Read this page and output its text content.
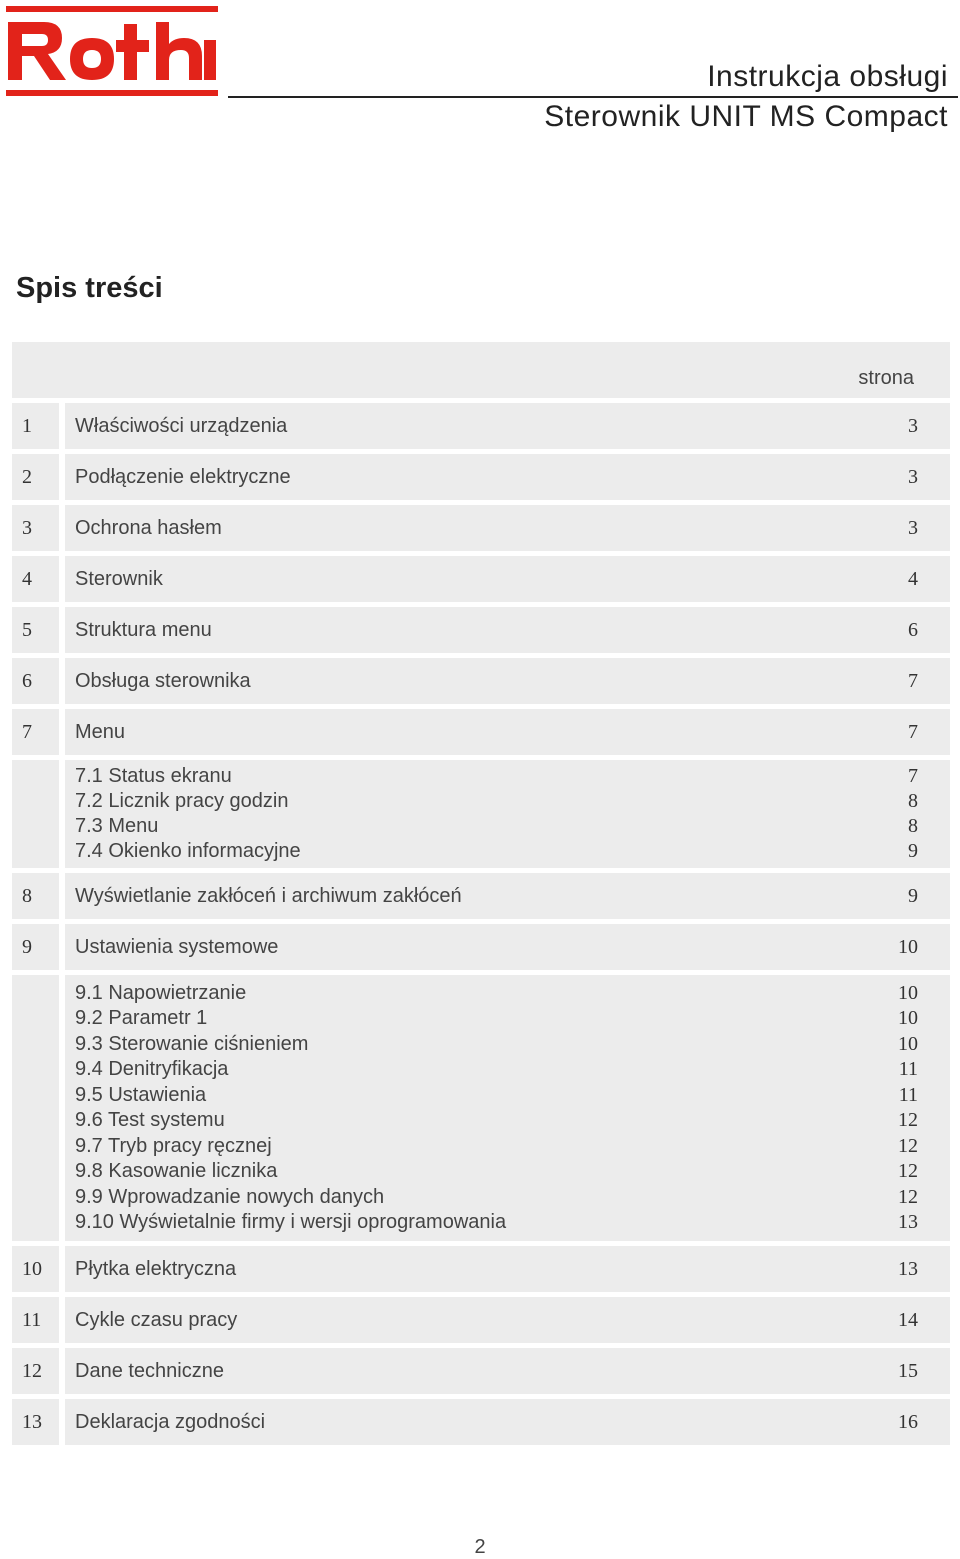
Instrukcja obsługi
Sterownik UNIT MS Compact
Spis treści
strona
1	Właściwości urządzenia	3
2	Podłączenie elektryczne	3
3	Ochrona hasłem	3
4	Sterownik	4
5	Struktura menu	6
6	Obsługa sterownika	7
7	Menu	7
7.1 Status ekranu	7
7.2 Licznik pracy godzin	8
7.3 Menu	8
7.4 Okienko informacyjne	9
8	Wyświetlanie zakłóceń i archiwum zakłóceń	9
9	Ustawienia systemowe	10
9.1 Napowietrzanie	10
9.2 Parametr 1	10
9.3 Sterowanie ciśnieniem	10
9.4 Denitryfikacja	11
9.5 Ustawienia	11
9.6 Test systemu	12
9.7 Tryb pracy ręcznej	12
9.8 Kasowanie licznika	12
9.9 Wprowadzanie nowych danych	12
9.10 Wyświetalnie firmy i wersji oprogramowania	13
10	Płytka elektryczna	13
11	Cykle czasu pracy	14
12	Dane techniczne	15
13	Deklaracja zgodności	16
2
